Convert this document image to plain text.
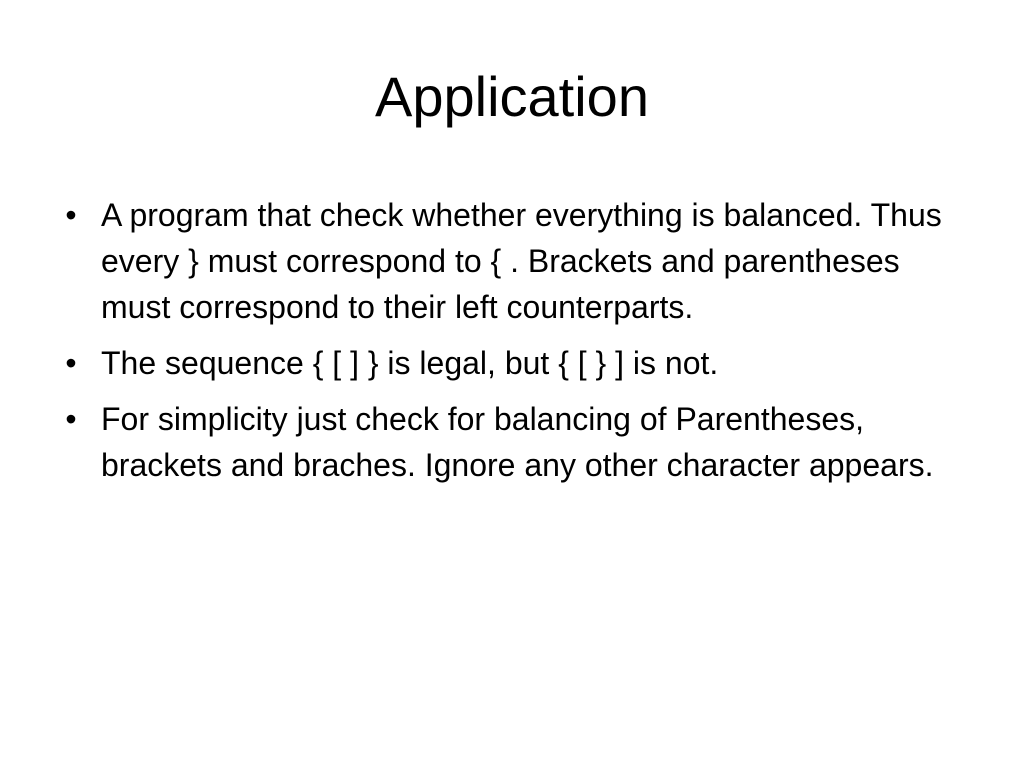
Application
• A program that check whether everything is balanced. Thus every } must correspond to { . Brackets and parentheses must correspond to their left counterparts.
• The sequence { [ ] } is legal, but { [ } ] is not.
• For simplicity just check for balancing of Parentheses, brackets and braches. Ignore any other character appears.
